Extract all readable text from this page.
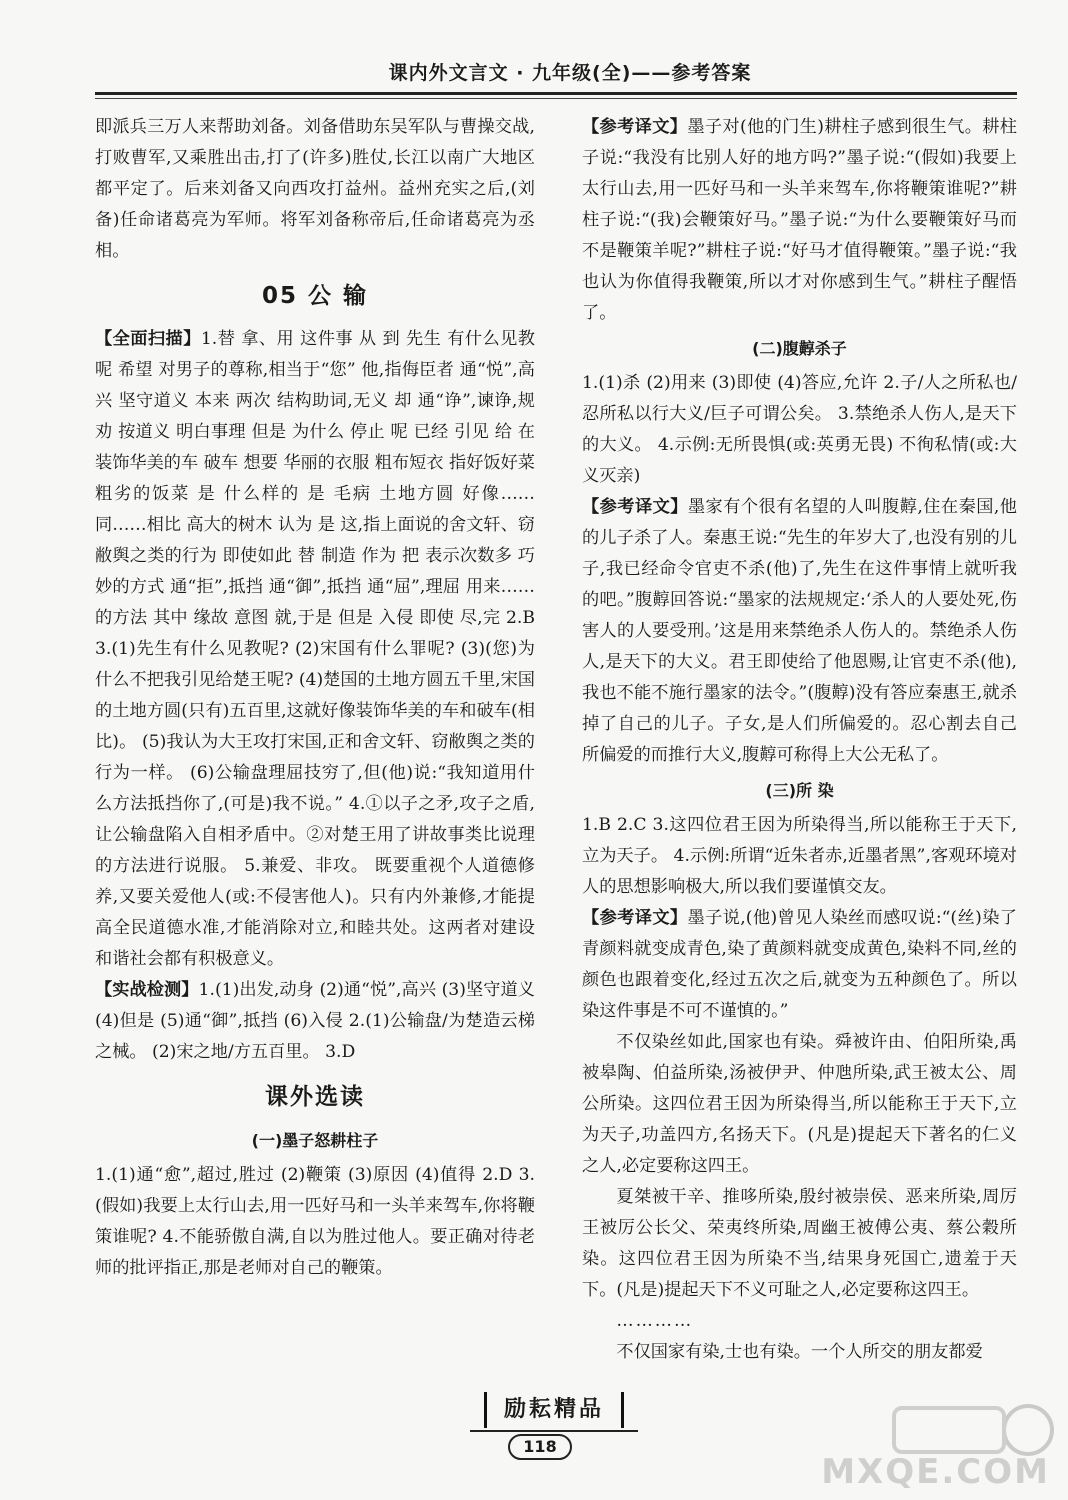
课内外文言文 · 九年级(全)——参考答案

即派兵三万人来帮助刘备。刘备借助东吴军队与曹操交战,打败曹军,又乘胜出击,打了(许多)胜仗,长江以南广大地区都平定了。后来刘备又向西攻打益州。益州充实之后,(刘备)任命诸葛亮为军师。将军刘备称帝后,任命诸葛亮为丞相。

05 公 输

【全面扫描】1.替 拿、用 这件事 从 到 先生 有什么见教呢 希望 对男子的尊称,相当于“您” 他,指侮臣者 通“悦”,高兴 坚守道义 本来 两次 结构助词,无义 却 通“诤”,谏诤,规劝 按道义 明白事理 但是 为什么 停止 呢 已经 引见 给 在 装饰华美的车 破车 想要 华丽的衣服 粗布短衣 指好饭好菜 粗劣的饭菜 是 什么样的 是 毛病 土地方圆 好像……同……相比 高大的树木 认为 是 这,指上面说的舍文轩、窃敝舆之类的行为 即使如此 替 制造 作为 把 表示次数多 巧妙的方式 通“拒”,抵挡 通“御”,抵挡 通“屈”,理屈 用来……的方法 其中 缘故 意图 就,于是 但是 入侵 即使 尽,完 2.B 3.(1)先生有什么见教呢? (2)宋国有什么罪呢? (3)(您)为什么不把我引见给楚王呢? (4)楚国的土地方圆五千里,宋国的土地方圆(只有)五百里,这就好像装饰华美的车和破车(相比)。 (5)我认为大王攻打宋国,正和舍文轩、窃敝舆之类的行为一样。 (6)公输盘理屈技穷了,但(他)说:“我知道用什么方法抵挡你了,(可是)我不说。” 4.①以子之矛,攻子之盾,让公输盘陷入自相矛盾中。②对楚王用了讲故事类比说理的方法进行说服。 5.兼爱、非攻。 既要重视个人道德修养,又要关爱他人(或:不侵害他人)。只有内外兼修,才能提高全民道德水准,才能消除对立,和睦共处。这两者对建设和谐社会都有积极意义。

【实战检测】1.(1)出发,动身 (2)通“悦”,高兴 (3)坚守道义 (4)但是 (5)通“御”,抵挡 (6)入侵 2.(1)公输盘/为楚造云梯之械。 (2)宋之地/方五百里。 3.D

课外选读
(一)墨子怒耕柱子

1.(1)通“愈”,超过,胜过 (2)鞭策 (3)原因 (4)值得 2.D 3.(假如)我要上太行山去,用一匹好马和一头羊来驾车,你将鞭策谁呢? 4.不能骄傲自满,自以为胜过他人。要正确对待老师的批评指正,那是老师对自己的鞭策。

【参考译文】墨子对(他的门生)耕柱子感到很生气。耕柱子说:“我没有比别人好的地方吗?”墨子说:“(假如)我要上太行山去,用一匹好马和一头羊来驾车,你将鞭策谁呢?”耕柱子说:“(我)会鞭策好马。”墨子说:“为什么要鞭策好马而不是鞭策羊呢?”耕柱子说:“好马才值得鞭策。”墨子说:“我也认为你值得我鞭策,所以才对你感到生气。”耕柱子醒悟了。

(二)腹䵍杀子

1.(1)杀 (2)用来 (3)即使 (4)答应,允许 2.子/人之所私也/忍所私以行大义/巨子可谓公矣。 3.禁绝杀人伤人,是天下的大义。 4.示例:无所畏惧(或:英勇无畏) 不徇私情(或:大义灭亲)

【参考译文】墨家有个很有名望的人叫腹䵍,住在秦国,他的儿子杀了人。秦惠王说:“先生的年岁大了,也没有别的儿子,我已经命令官吏不杀(他)了,先生在这件事情上就听我的吧。”腹䵍回答说:“墨家的法规规定:‘杀人的人要处死,伤害人的人要受刑。’这是用来禁绝杀人伤人的。禁绝杀人伤人,是天下的大义。君王即使给了他恩赐,让官吏不杀(他),我也不能不施行墨家的法令。”(腹䵍)没有答应秦惠王,就杀掉了自己的儿子。子女,是人们所偏爱的。忍心割去自己所偏爱的而推行大义,腹䵍可称得上大公无私了。

(三)所 染

1.B 2.C 3.这四位君王因为所染得当,所以能称王于天下,立为天子。 4.示例:所谓“近朱者赤,近墨者黑”,客观环境对人的思想影响极大,所以我们要谨慎交友。

【参考译文】墨子说,(他)曾见人染丝而感叹说:“(丝)染了青颜料就变成青色,染了黄颜料就变成黄色,染料不同,丝的颜色也跟着变化,经过五次之后,就变为五种颜色了。所以染这件事是不可不谨慎的。”

不仅染丝如此,国家也有染。舜被许由、伯阳所染,禹被皋陶、伯益所染,汤被伊尹、仲虺所染,武王被太公、周公所染。这四位君王因为所染得当,所以能称王于天下,立为天子,功盖四方,名扬天下。(凡是)提起天下著名的仁义之人,必定要称这四王。

夏桀被干辛、推哆所染,殷纣被崇侯、恶来所染,周厉王被厉公长父、荣夷终所染,周幽王被傅公夷、蔡公穀所染。这四位君王因为所染不当,结果身死国亡,遗羞于天下。(凡是)提起天下不义可耻之人,必定要称这四王。

…………

不仅国家有染,士也有染。一个人所交的朋友都爱

励耘精品
118
MXQE.COM
